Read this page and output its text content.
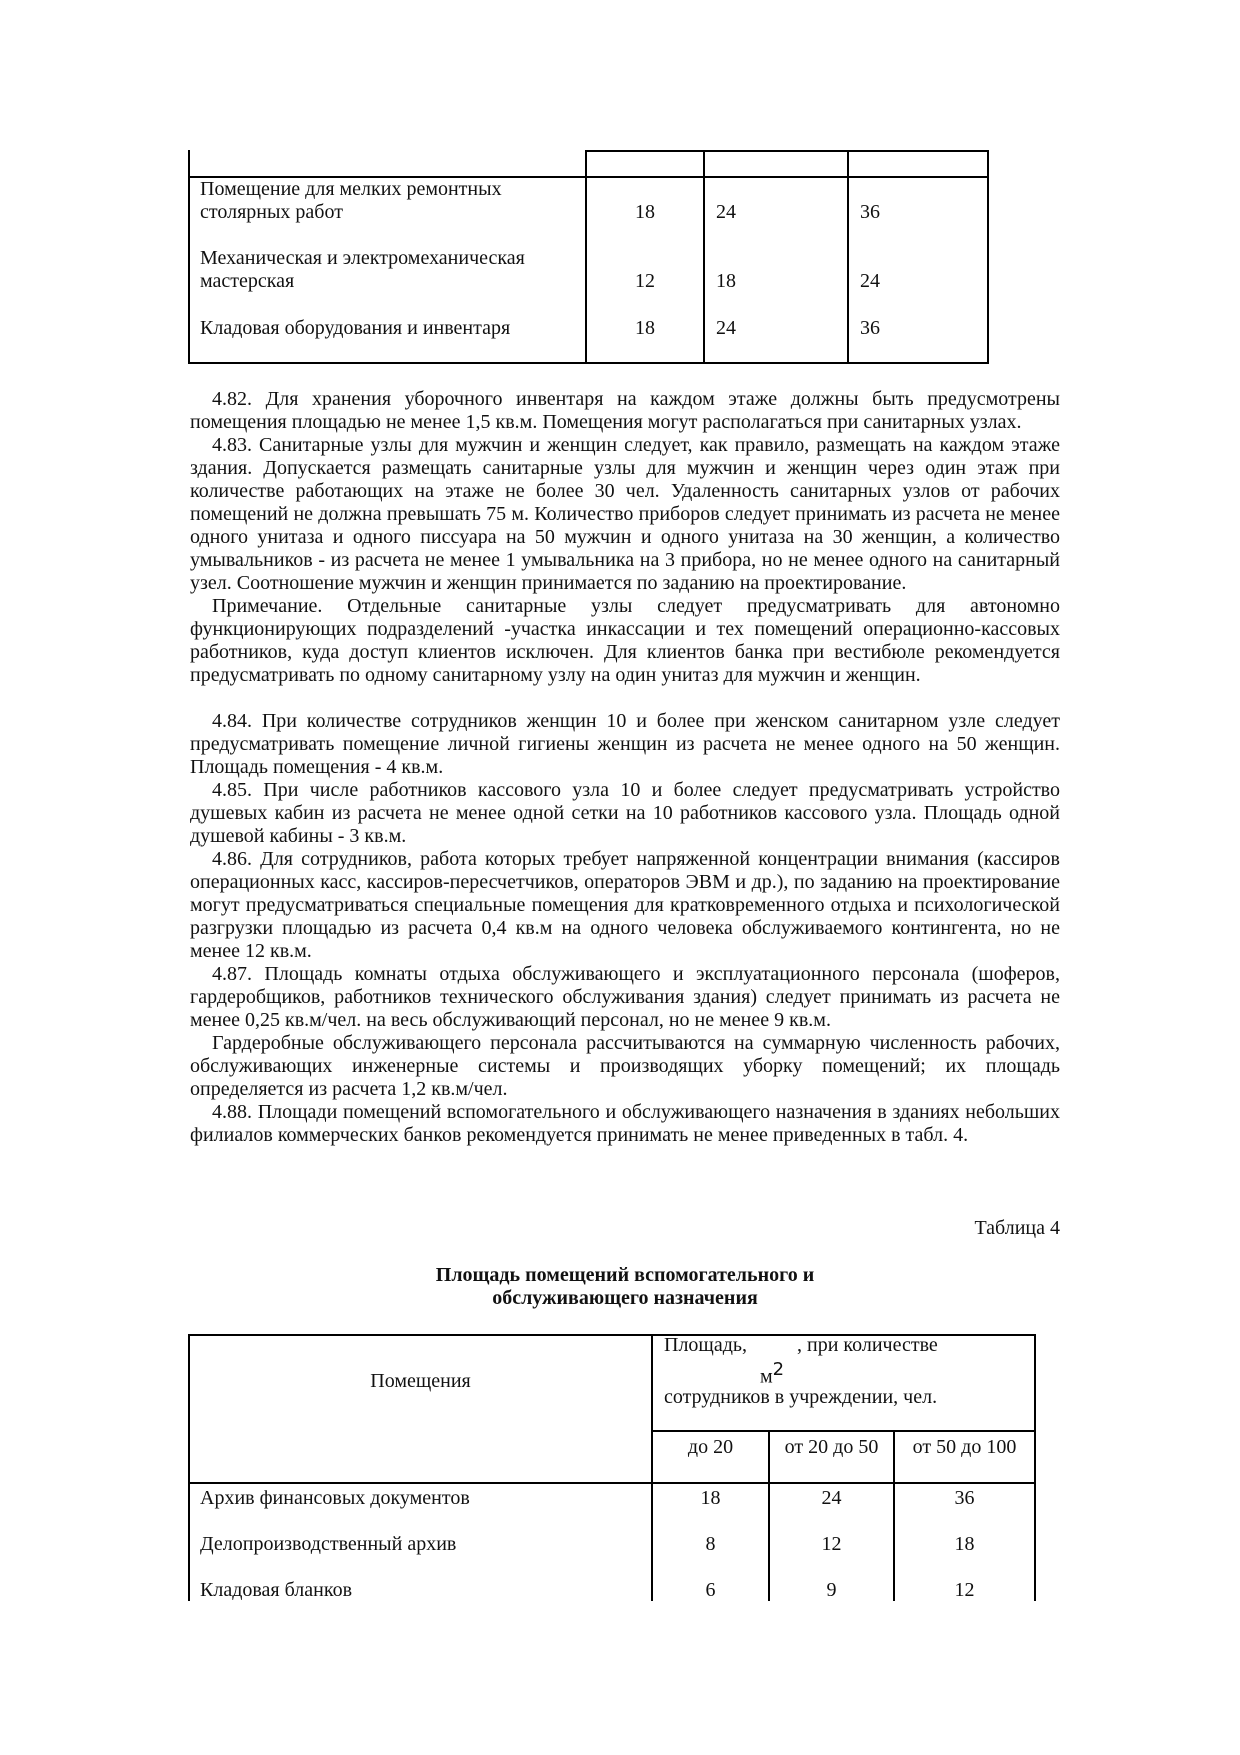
Помещение для мелких ремонтных столярных работ	18	24	36
Механическая и электромеханическая мастерская	12	18	24
Кладовая оборудования и инвентаря	18	24	36

4.82. Для хранения уборочного инвентаря на каждом этаже должны быть предусмотрены помещения площадью не менее 1,5 кв.м. Помещения могут располагаться при санитарных узлах.

4.83. Санитарные узлы для мужчин и женщин следует, как правило, размещать на каждом этаже здания. Допускается размещать санитарные узлы для мужчин и женщин через один этаж при количестве работающих на этаже не более 30 чел. Удаленность санитарных узлов от рабочих помещений не должна превышать 75 м. Количество приборов следует принимать из расчета не менее одного унитаза и одного писсуара на 50 мужчин и одного унитаза на 30 женщин, а количество умывальников - из расчета не менее 1 умывальника на 3 прибора, но не менее одного на санитарный узел. Соотношение мужчин и женщин принимается по заданию на проектирование.

Примечание. Отдельные санитарные узлы следует предусматривать для автономно функционирующих подразделений -участка инкассации и тех помещений операционно-кассовых работников, куда доступ клиентов исключен. Для клиентов банка при вестибюле рекомендуется предусматривать по одному санитарному узлу на один унитаз для мужчин и женщин.

4.84. При количестве сотрудников женщин 10 и более при женском санитарном узле следует предусматривать помещение личной гигиены женщин из расчета не менее одного на 50 женщин. Площадь помещения - 4 кв.м.

4.85. При числе работников кассового узла 10 и более следует предусматривать устройство душевых кабин из расчета не менее одной сетки на 10 работников кассового узла. Площадь одной душевой кабины - 3 кв.м.

4.86. Для сотрудников, работа которых требует напряженной концентрации внимания (кассиров операционных касс, кассиров-пересчетчиков, операторов ЭВМ и др.), по заданию на проектирование могут предусматриваться специальные помещения для кратковременного отдыха и психологической разгрузки площадью из расчета 0,4 кв.м на одного человека обслуживаемого контингента, но не менее 12 кв.м.

4.87. Площадь комнаты отдыха обслуживающего и эксплуатационного персонала (шоферов, гардеробщиков, работников технического обслуживания здания) следует принимать из расчета не менее 0,25 кв.м/чел. на весь обслуживающий персонал, но не менее 9 кв.м.

Гардеробные обслуживающего персонала рассчитываются на суммарную численность рабочих, обслуживающих инженерные системы и производящих уборку помещений; их площадь определяется из расчета 1,2 кв.м/чел.

4.88. Площади помещений вспомогательного и обслуживающего назначения в зданиях небольших филиалов коммерческих банков рекомендуется принимать не менее приведенных в табл. 4.

Таблица 4
Площадь помещений вспомогательного и
обслуживающего назначения
Помещения
Площадь,	, при количестве
$м^2$
сотрудников в учреждении, чел.
до 20	от 20 до 50	от 50 до 100
Архив финансовых документов	18	24	36
Делопроизводственный архив	8	12	18
Кладовая бланков	6	9	12
